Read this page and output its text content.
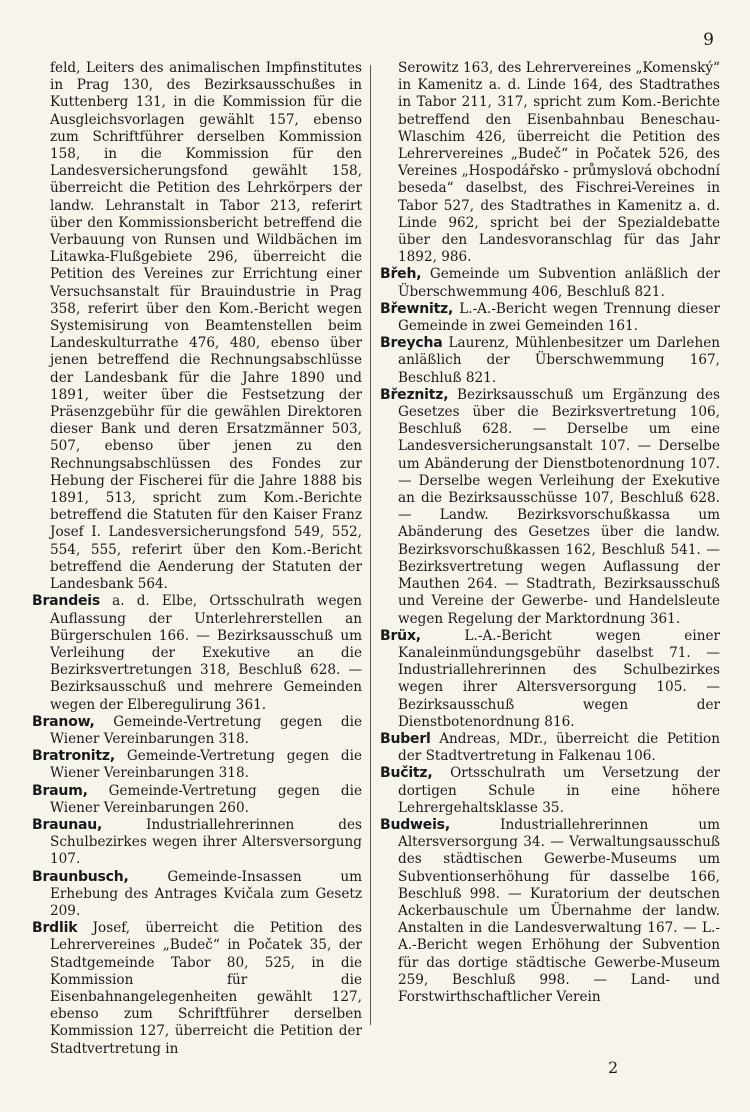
9

feld, Leiters des animalischen Impfinstitutes in Prag 130, des Bezirksausschußes in Kuttenberg 131, in die Kommission für die Ausgleichsvorlagen gewählt 157, ebenso zum Schriftführer derselben Kommission 158, in die Kommission für den Landesversicherungsfond gewählt 158, überreicht die Petition des Lehrkörpers der landw. Lehranstalt in Tabor 213, referirt über den Kommissionsbericht betreffend die Verbauung von Runsen und Wildbächen im Litawka-Flußgebiete 296, überreicht die Petition des Vereines zur Errichtung einer Versuchsanstalt für Brauindustrie in Prag 358, referirt über den Kom.-Bericht wegen Systemisirung von Beamtenstellen beim Landeskulturrathe 476, 480, ebenso über jenen betreffend die Rechnungsabschlüsse der Landesbank für die Jahre 1890 und 1891, weiter über die Festsetzung der Präsenzgebühr für die gewählen Direktoren dieser Bank und deren Ersatzmänner 503, 507, ebenso über jenen zu den Rechnungsabschlüssen des Fondes zur Hebung der Fischerei für die Jahre 1888 bis 1891, 513, spricht zum Kom.-Berichte betreffend die Statuten für den Kaiser Franz Josef I. Landesversicherungsfond 549, 552, 554, 555, referirt über den Kom.-Bericht betreffend die Aenderung der Statuten der Landesbank 564.

Brandeis a. d. Elbe, Ortsschulrath wegen Auflassung der Unterlehrerstellen an Bürgerschulen 166. — Bezirksausschuß um Verleihung der Exekutive an die Bezirksvertretungen 318, Beschluß 628. — Bezirksausschuß und mehrere Gemeinden wegen der Elberegulirung 361.

Branow, Gemeinde-Vertretung gegen die Wiener Vereinbarungen 318.

Bratronitz, Gemeinde-Vertretung gegen die Wiener Vereinbarungen 318.

Braum, Gemeinde-Vertretung gegen die Wiener Vereinbarungen 260.

Braunau,	Industriallehrerinnen des Schulbezirkes wegen ihrer Altersversorgung 107.

Braunbusch,	Gemeinde-Insassen um Erhebung des Antrages Kvičala zum Gesetz 209.

Brdlik Josef, überreicht die Petition des Lehrervereines „Budeč“ in Počatek 35, der Stadtgemeinde Tabor 80, 525, in die Kommission für die Eisenbahnangelegenheiten gewählt 127, ebenso zum Schriftführer derselben Kommission 127, überreicht die Petition der Stadtvertretung in

Serowitz 163, des Lehrervereines „Komenský“ in Kamenitz a. d. Linde 164, des Stadtrathes in Tabor 211, 317, spricht zum Kom.-Berichte betreffend den Eisenbahnbau Beneschau-Wlaschim 426, überreicht die Petition des Lehrervereines „Budeč“ in Počatek 526, des Vereines „Hospodářsko - průmyslová obchodní beseda“ daselbst, des Fischrei-Vereines in Tabor 527, des Stadtrathes in Kamenitz a. d. Linde 962, spricht bei der Spezialdebatte über den Landesvoranschlag für das Jahr 1892, 986.

Břeh, Gemeinde um Subvention anläßlich der Überschwemmung 406, Beschluß 821.

Břewnitz, L.-A.-Bericht wegen Trennung dieser Gemeinde in zwei Gemeinden 161.

Breycha Laurenz, Mühlenbesitzer um Darlehen anläßlich der Überschwemmung 167, Beschluß 821.

Březnitz, Bezirksausschuß um Ergänzung des Gesetzes über die Bezirksvertretung 106, Beschluß 628. — Derselbe um eine Landesversicherungsanstalt 107. — Derselbe um Abänderung der Dienstbotenordnung 107. — Derselbe wegen Verleihung der Exekutive an die Bezirksausschüsse 107, Beschluß 628. — Landw. Bezirksvorschußkassa um Abänderung des Gesetzes über die landw. Bezirksvorschußkassen 162, Beschluß 541. — Bezirksvertretung wegen Auflassung der Mauthen 264. — Stadtrath, Bezirksausschuß und Vereine der Gewerbe- und Handelsleute wegen Regelung der Marktordnung 361.

Brüx,	L.-A.-Bericht wegen einer Kanaleinmündungsgebühr daselbst 71. — Industriallehrerinnen des Schulbezirkes wegen ihrer Altersversorgung 105. — Bezirksausschuß wegen der Dienstbotenordnung 816.

Buberl Andreas, MDr., überreicht die Petition der Stadtvertretung in Falkenau 106.

Bučitz, Ortsschulrath um Versetzung der dortigen Schule in eine höhere Lehrergehaltsklasse 35.

Budweis,	Industriallehrerinnen um Altersversorgung 34. — Verwaltungsausschuß des städtischen Gewerbe-Museums um Subventionserhöhung für dasselbe 166, Beschluß 998. — Kuratorium der deutschen Ackerbauschule um Übernahme der landw. Anstalten in die Landesverwaltung 167. — L.-A.-Bericht wegen Erhöhung der Subvention für das dortige städtische Gewerbe-Museum 259, Beschluß 998. — Land- und Forstwirthschaftlicher Verein

2
